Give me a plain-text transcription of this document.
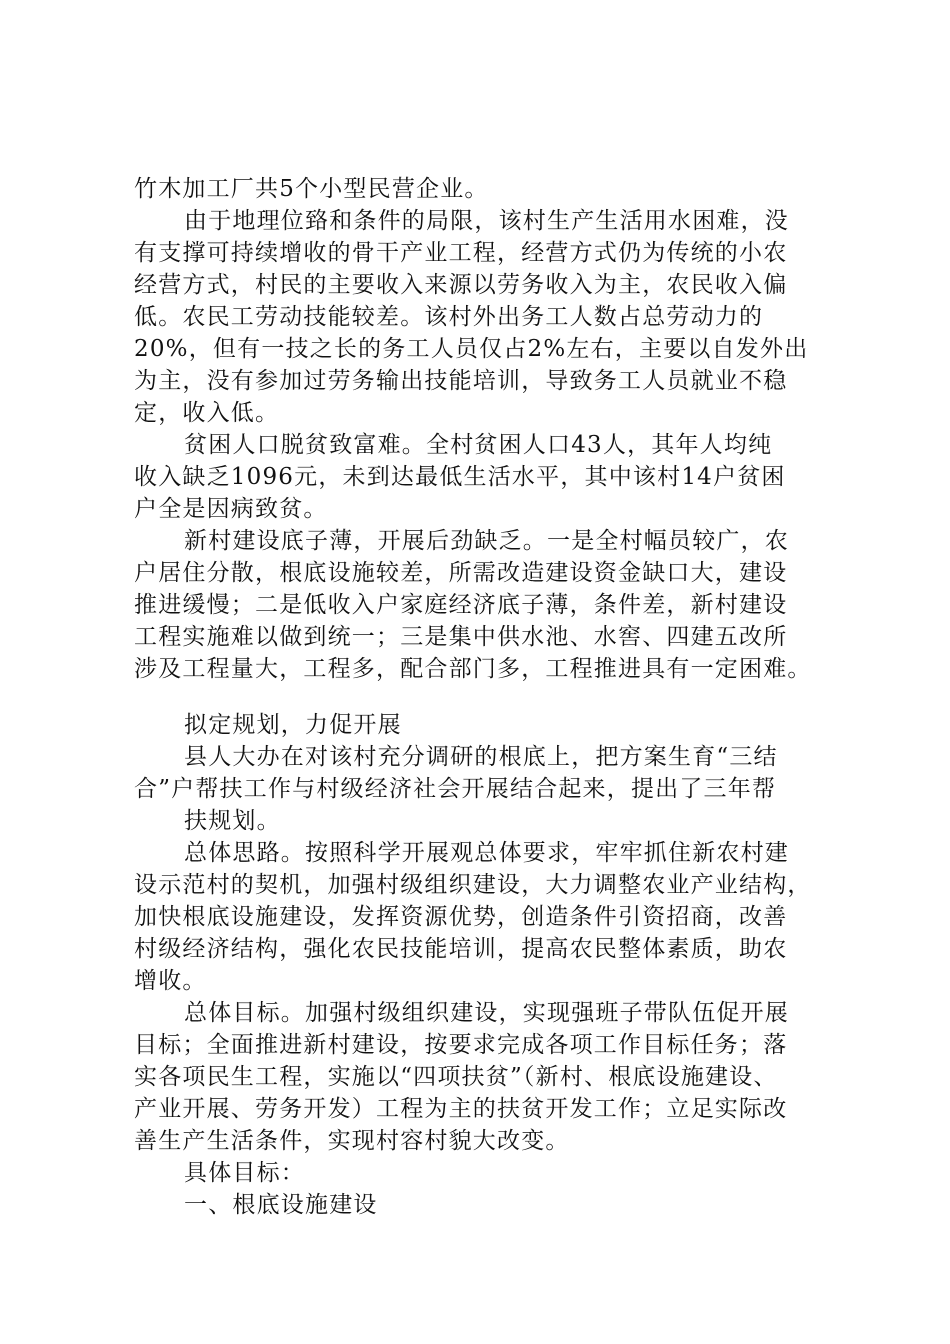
竹木加工厂共5个小型民营企业。

由于地理位臵和条件的局限，该村生产生活用水困难，没

有支撑可持续增收的骨干产业工程，经营方式仍为传统的小农

经营方式，村民的主要收入来源以劳务收入为主，农民收入偏

低。农民工劳动技能较差。该村外出务工人数占总劳动力的

20%，但有一技之长的务工人员仅占2%左右，主要以自发外出

为主，没有参加过劳务输出技能培训，导致务工人员就业不稳

定，收入低。

贫困人口脱贫致富难。全村贫困人口43人，其年人均纯

收入缺乏1096元，未到达最低生活水平，其中该村14户贫困

户全是因病致贫。

新村建设底子薄，开展后劲缺乏。一是全村幅员较广，农

户居住分散，根底设施较差，所需改造建设资金缺口大，建设

推进缓慢；二是低收入户家庭经济底子薄，条件差，新村建设

工程实施难以做到统一；三是集中供水池、水窖、四建五改所

涉及工程量大，工程多，配合部门多，工程推进具有一定困难。

拟定规划，力促开展

县人大办在对该村充分调研的根底上，把方案生育“三结

合”户帮扶工作与村级经济社会开展结合起来，提出了三年帮

扶规划。

总体思路。按照科学开展观总体要求，牢牢抓住新农村建

设示范村的契机，加强村级组织建设，大力调整农业产业结构，

加快根底设施建设，发挥资源优势，创造条件引资招商，改善

村级经济结构，强化农民技能培训，提高农民整体素质，助农

增收。

总体目标。加强村级组织建设，实现强班子带队伍促开展

目标；全面推进新村建设，按要求完成各项工作目标任务；落

实各项民生工程，实施以“四项扶贫”（新村、根底设施建设、

产业开展、劳务开发）工程为主的扶贫开发工作；立足实际改

善生产生活条件，实现村容村貌大改变。

具体目标：

一、根底设施建设
